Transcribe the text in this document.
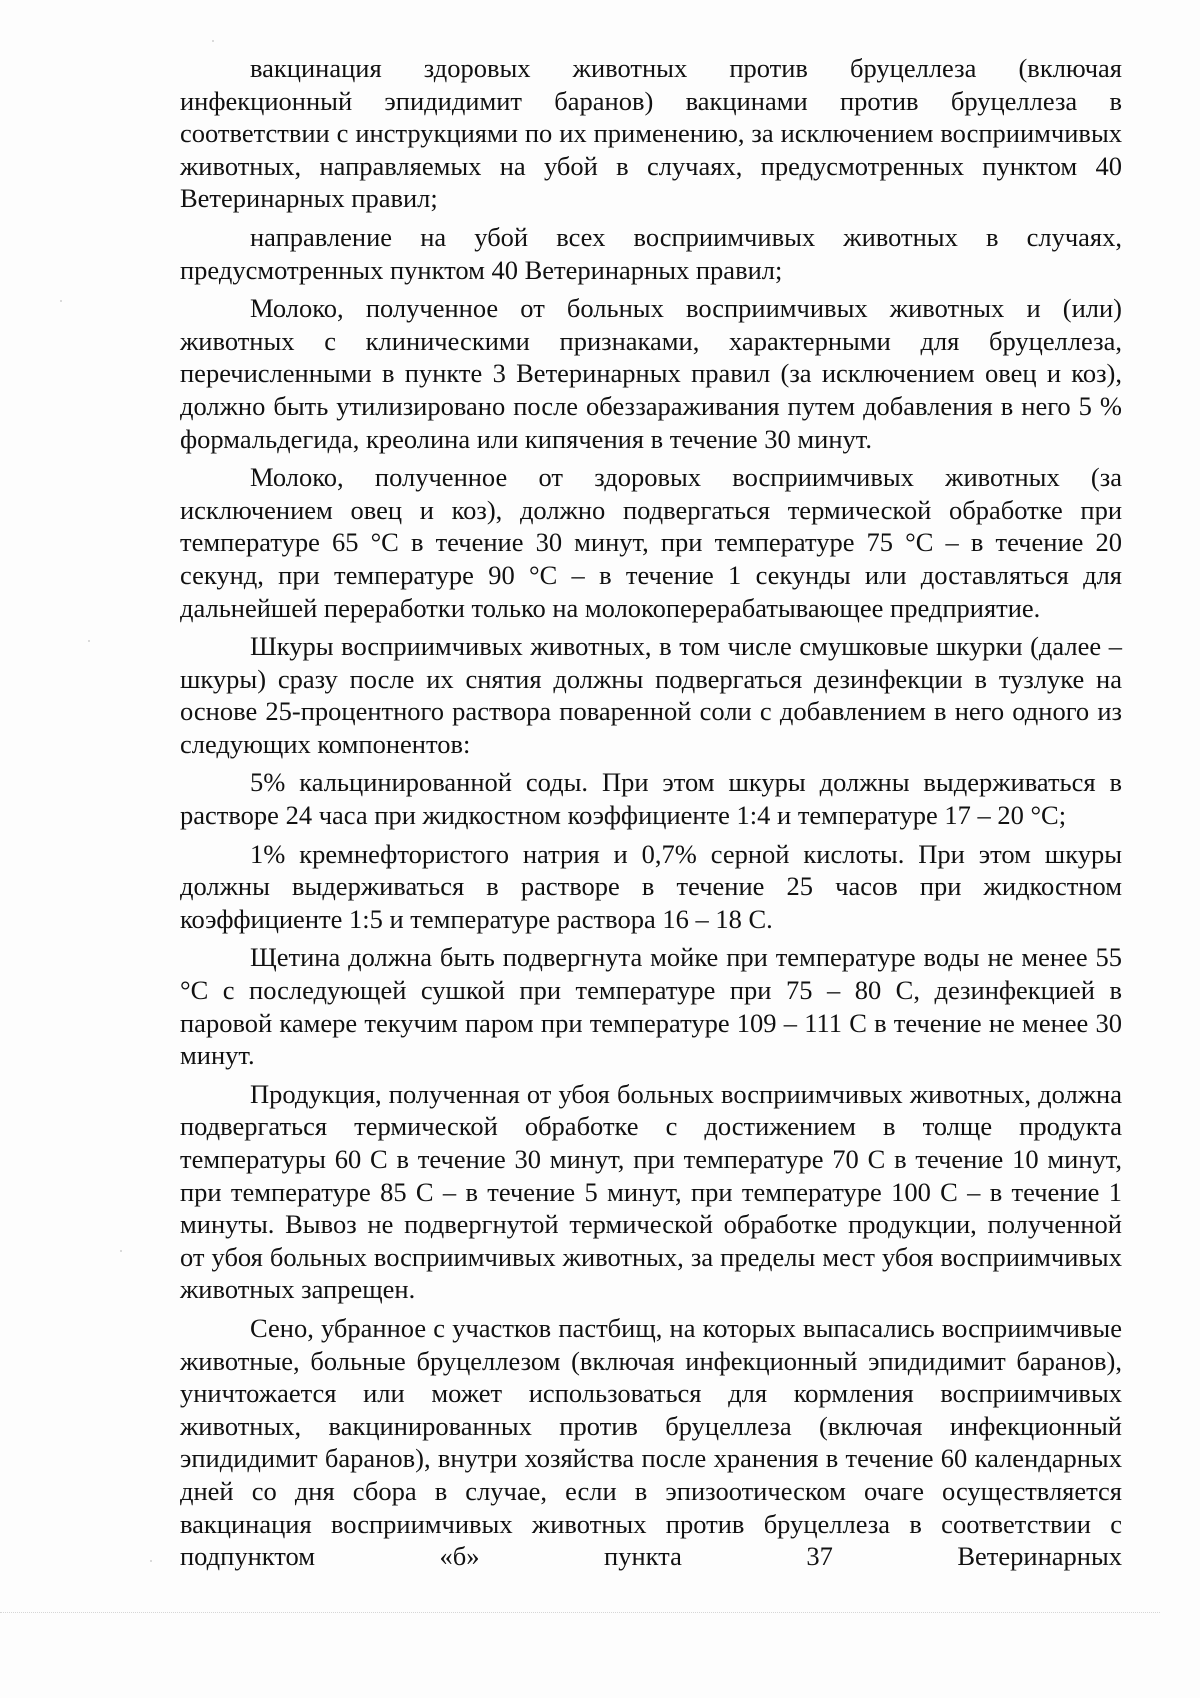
вакцинация здоровых животных против бруцеллеза (включая инфекционный эпидидимит баранов) вакцинами против бруцеллеза в соответствии с инструкциями по их применению, за исключением восприимчивых животных, направляемых на убой в случаях, предусмотренных пунктом 40 Ветеринарных правил;

направление на убой всех восприимчивых животных в случаях, предусмотренных пунктом 40 Ветеринарных правил;

Молоко, полученное от больных восприимчивых животных и (или) животных с клиническими признаками, характерными для бруцеллеза, перечисленными в пункте 3 Ветеринарных правил (за исключением овец и коз), должно быть утилизировано после обеззараживания путем добавления в него 5 % формальдегида, креолина или кипячения в течение 30 минут.

Молоко, полученное от здоровых восприимчивых животных (за исключением овец и коз), должно подвергаться термической обработке при температуре 65 °С в течение 30 минут, при температуре 75 °С – в течение 20 секунд, при температуре 90 °С – в течение 1 секунды или доставляться для дальнейшей переработки только на молокоперерабатывающее предприятие.

Шкуры восприимчивых животных, в том числе смушковые шкурки (далее – шкуры) сразу после их снятия должны подвергаться дезинфекции в тузлуке на основе 25-процентного раствора поваренной соли с добавлением в него одного из следующих компонентов:

5% кальцинированной соды. При этом шкуры должны выдерживаться в растворе 24 часа при жидкостном коэффициенте 1:4 и температуре 17 – 20 °С;

1% кремнефтористого натрия и 0,7% серной кислоты. При этом шкуры должны выдерживаться в растворе в течение 25 часов при жидкостном коэффициенте 1:5 и температуре раствора 16 – 18 С.

Щетина должна быть подвергнута мойке при температуре воды не менее 55 °С с последующей сушкой при температуре при 75 – 80 С, дезинфекцией в паровой камере текучим паром при температуре 109 – 111 С в течение не менее 30 минут.

Продукция, полученная от убоя больных восприимчивых животных, должна подвергаться термической обработке с достижением в толще продукта температуры 60 С в течение 30 минут, при температуре 70 С в течение 10 минут, при температуре 85 С – в течение 5 минут, при температуре 100 С – в течение 1 минуты. Вывоз не подвергнутой термической обработке продукции, полученной от убоя больных восприимчивых животных, за пределы мест убоя восприимчивых животных запрещен.

Сено, убранное с участков пастбищ, на которых выпасались восприимчивые животные, больные бруцеллезом (включая инфекционный эпидидимит баранов), уничтожается или может использоваться для кормления восприимчивых животных, вакцинированных против бруцеллеза (включая инфекционный эпидидимит баранов), внутри хозяйства после хранения в течение 60 календарных дней со дня сбора в случае, если в эпизоотическом очаге осуществляется вакцинация восприимчивых животных против бруцеллеза в соответствии с подпунктом «б» пункта 37 Ветеринарных
